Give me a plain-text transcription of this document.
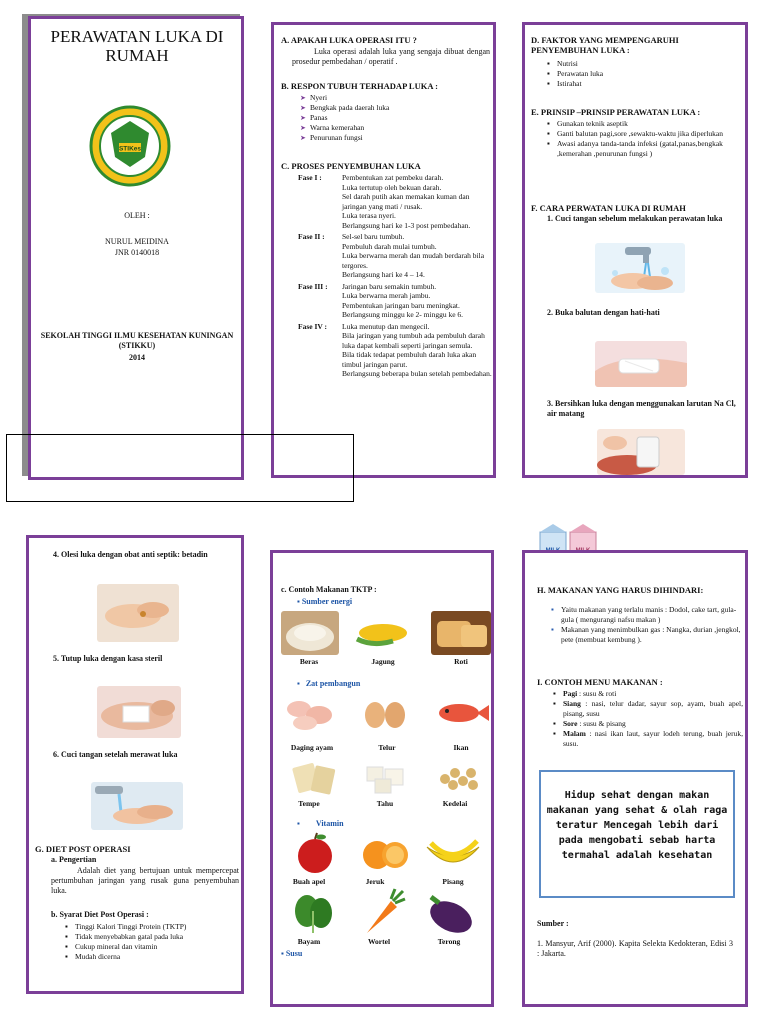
PERAWATAN LUKA DI RUMAH
STIKes
OLEH :
NURUL MEIDINA
JNR 0140018
SEKOLAH TINGGI ILMU KESEHATAN KUNINGAN (STIKKU)
2014
A. APAKAH LUKA OPERASI ITU ?
Luka operasi adalah luka yang sengaja dibuat dengan prosedur pembedahan / operatif .
B. RESPON TUBUH TERHADAP LUKA :
➤ Nyeri
➤ Bengkak pada daerah luka
➤ Panas
➤ Warna kemerahan
➤ Penurunan fungsi
C. PROSES PENYEMBUHAN LUKA
Fase I :	Pembentukan zat pembeku darah.
Luka tertutup oleh bekuan darah.
Sel darah putih akan memakan kuman dan jaringan yang mati / rusak.
Luka terasa nyeri.
Berlangsung hari ke 1-3 post pembedahan.
Fase II :	Sel-sel baru tumbuh.
Pembuluh darah mulai tumbuh.
Luka berwarna merah dan mudah berdarah bila tergores.
Berlangsung hari ke 4 – 14.
Fase III :	Jaringan baru semakin tumbuh.
Luka berwarna merah jambu.
Pembentukan jaringan baru meningkat.
Berlangsung minggu ke 2- minggu ke 6.
Fase IV :	Luka menutup dan mengecil.
Bila jaringan yang tumbuh ada pembuluh darah luka dapat kembali seperti jaringan semula.
Bila tidak tedapat pembuluh darah luka akan timbul jaringan parut.
Berlangsung beberapa bulan setelah pembedahan.
D. FAKTOR YANG MEMPENGARUHI PENYEMBUHAN LUKA :
▪ Nutrisi
▪ Perawatan luka
▪ Istirahat
E. PRINSIP –PRINSIP PERAWATAN LUKA :
▪ Gunakan teknik aseptik
▪ Ganti balutan pagi,sore ,sewaktu-waktu jika diperlukan
▪ Awasi adanya tanda-tanda infeksi (gatal,panas,bengkak ,kemerahan ,penurunan fungsi )
F. CARA PERWATAN LUKA DI RUMAH
1. Cuci tangan sebelum melakukan perawatan luka
2. Buka balutan dengan hati-hati
3. Bersihkan luka dengan menggunakan larutan Na Cl, air matang
4. Olesi luka dengan obat anti septik: betadin
5. Tutup luka dengan kasa steril
6. Cuci tangan setelah merawat luka
G. DIET POST OPERASI
a. Pengertian
Adalah diet yang bertujuan untuk mempercepat pertumbuhan jaringan yang rusak guna penyembuhan luka.
b. Syarat Diet Post Operasi :
▪ Tinggi Kalori Tinggi Protein (TKTP)
▪ Tidak menyebabkan gatal pada luka
▪ Cukup mineral dan vitamin
▪ Mudah dicerna
c. Contoh Makanan TKTP :
▪ Sumber energi
Beras	Jagung	Roti
▪   Zat pembangun
Daging ayam	Telur	Ikan
Tempe	Tahu	Kedelai
▪        Vitamin
Buah apel	Jeruk	Pisang
Bayam	Wortel	Terong
▪ Susu
H. MAKANAN YANG HARUS DIHINDARI:
▪ Yaitu makanan yang terlalu manis : Dodol, cake tart, gula-gula ( mengurangi nafsu makan )
▪ Makanan yang menimbulkan gas : Nangka, durian ,jengkol, pete (membuat kembung ).
I. CONTOH MENU MAKANAN :
▪ Pagi : susu & roti
▪ Siang : nasi, telur dadar, sayur sop, ayam, buah apel, pisang, susu
▪ Sore : susu & pisang
▪ Malam : nasi ikan laut, sayur lodeh terung, buah jeruk, susu.
Sumber :
1. Mansyur, Arif (2000). Kapita Selekta Kedokteran, Edisi 3 : Jakarta.
Hidup sehat dengan makan makanan yang sehat & olah raga teratur Mencegah lebih dari pada mengobati sebab harta termahal adalah kesehatan
